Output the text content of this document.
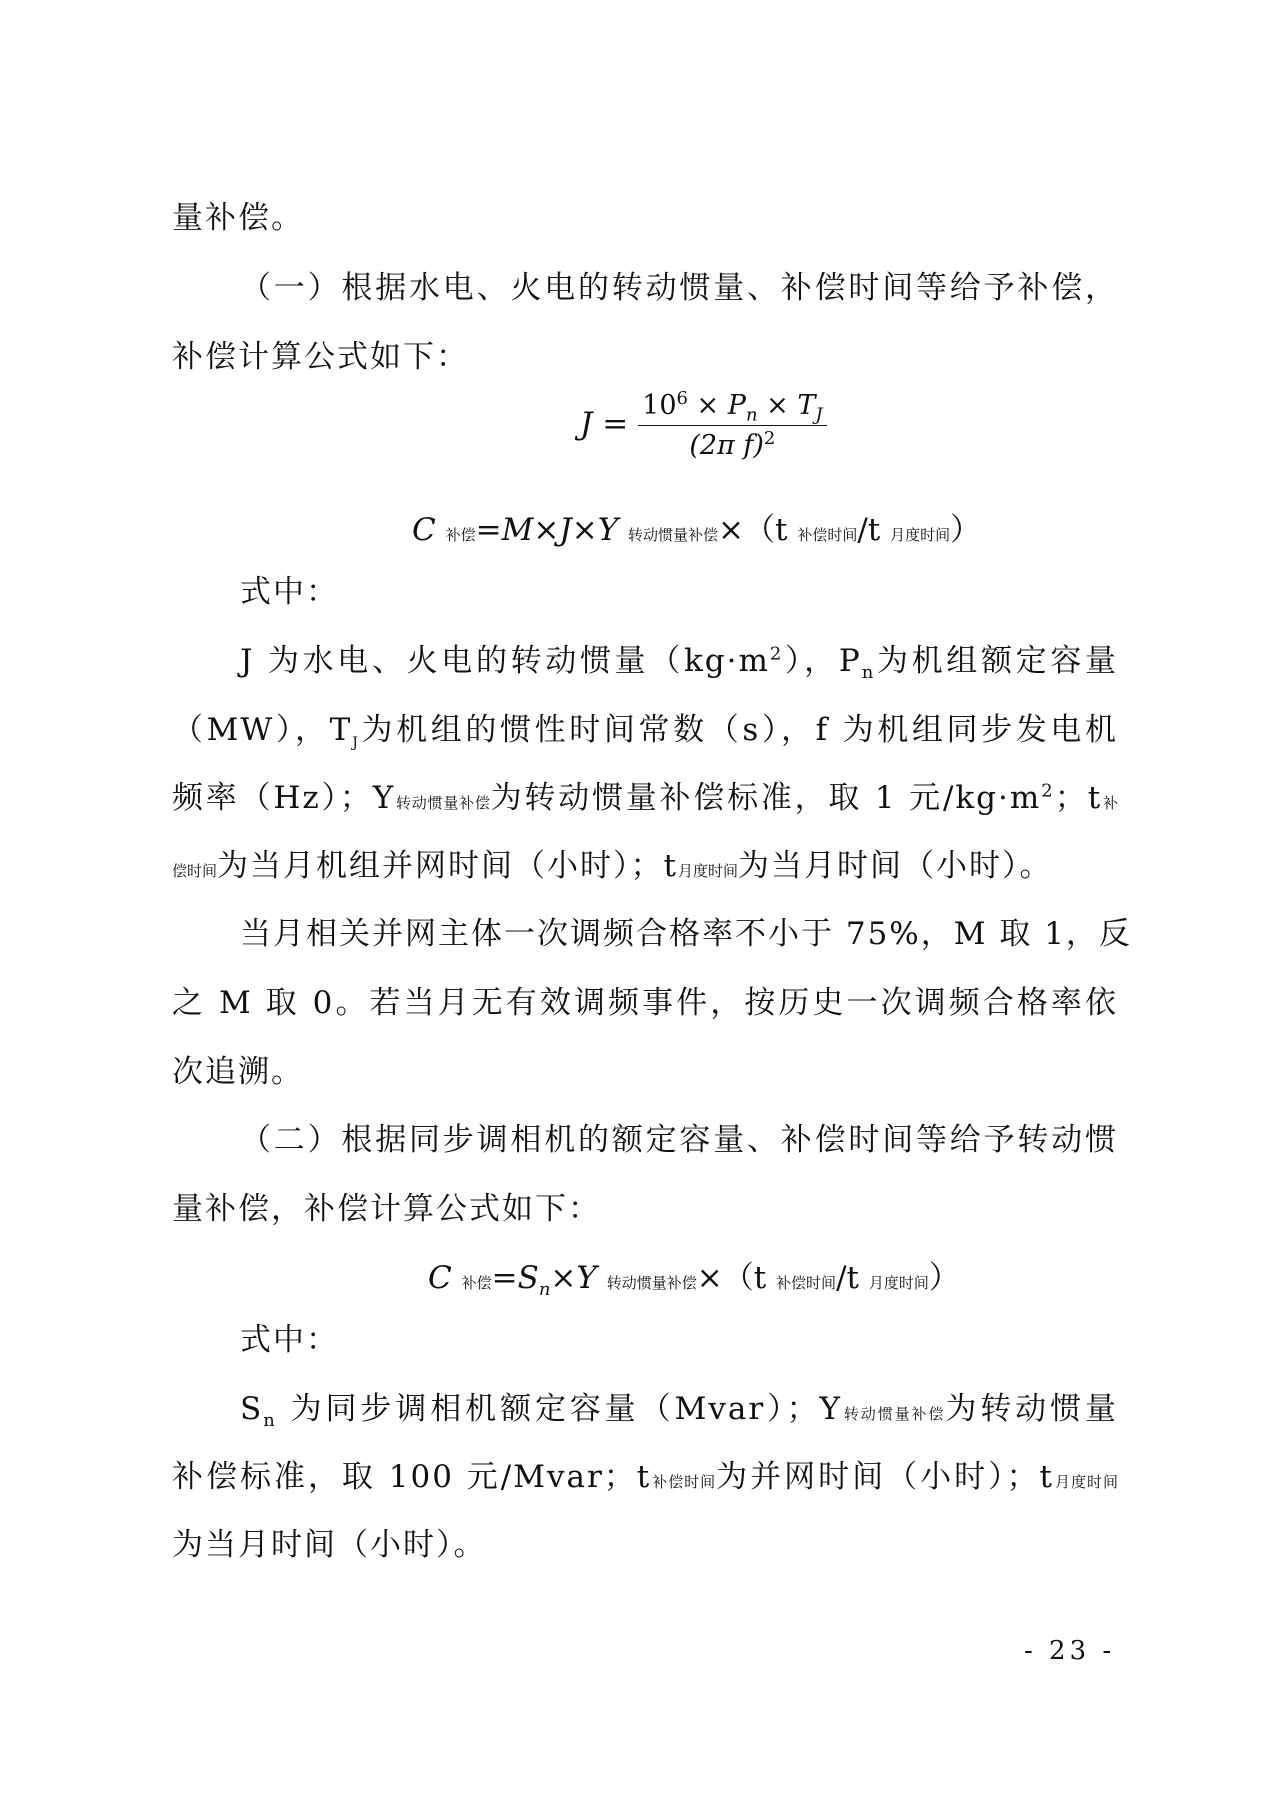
量补偿。
（一）根据水电、火电的转动惯量、补偿时间等给予补偿，
补偿计算公式如下：
$J = \frac{10^6 \times P_n \times T_J}{(2\pi f)^2}$
C 补偿=M×J×Y 转动惯量补偿×（t 补偿时间/t 月度时间）
式中：
J 为水电、火电的转动惯量$(kg\cdot m^2)$，$P_n$为机组额定容量
（MW），$T_J$为机组的惯性时间常数（s），f 为机组同步发电机
频率（Hz）；Y转动惯量补偿为转动惯量补偿标准，取 1 元$/kg\cdot m^2$；t补
偿时间为当月机组并网时间（小时）；t月度时间为当月时间（小时）。
当月相关并网主体一次调频合格率不小于 75%，M 取 1，反
之 M 取 0。若当月无有效调频事件，按历史一次调频合格率依
次追溯。
（二）根据同步调相机的额定容量、补偿时间等给予转动惯
量补偿，补偿计算公式如下：
C 补偿$=S_n\times Y$ 转动惯量补偿×（t 补偿时间/t 月度时间）
式中：
$S_n$ 为同步调相机额定容量（Mvar）；Y转动惯量补偿为转动惯量
补偿标准，取 100 元/Mvar；t补偿时间为并网时间（小时）；t月度时间
为当月时间（小时）。
- 23 -
